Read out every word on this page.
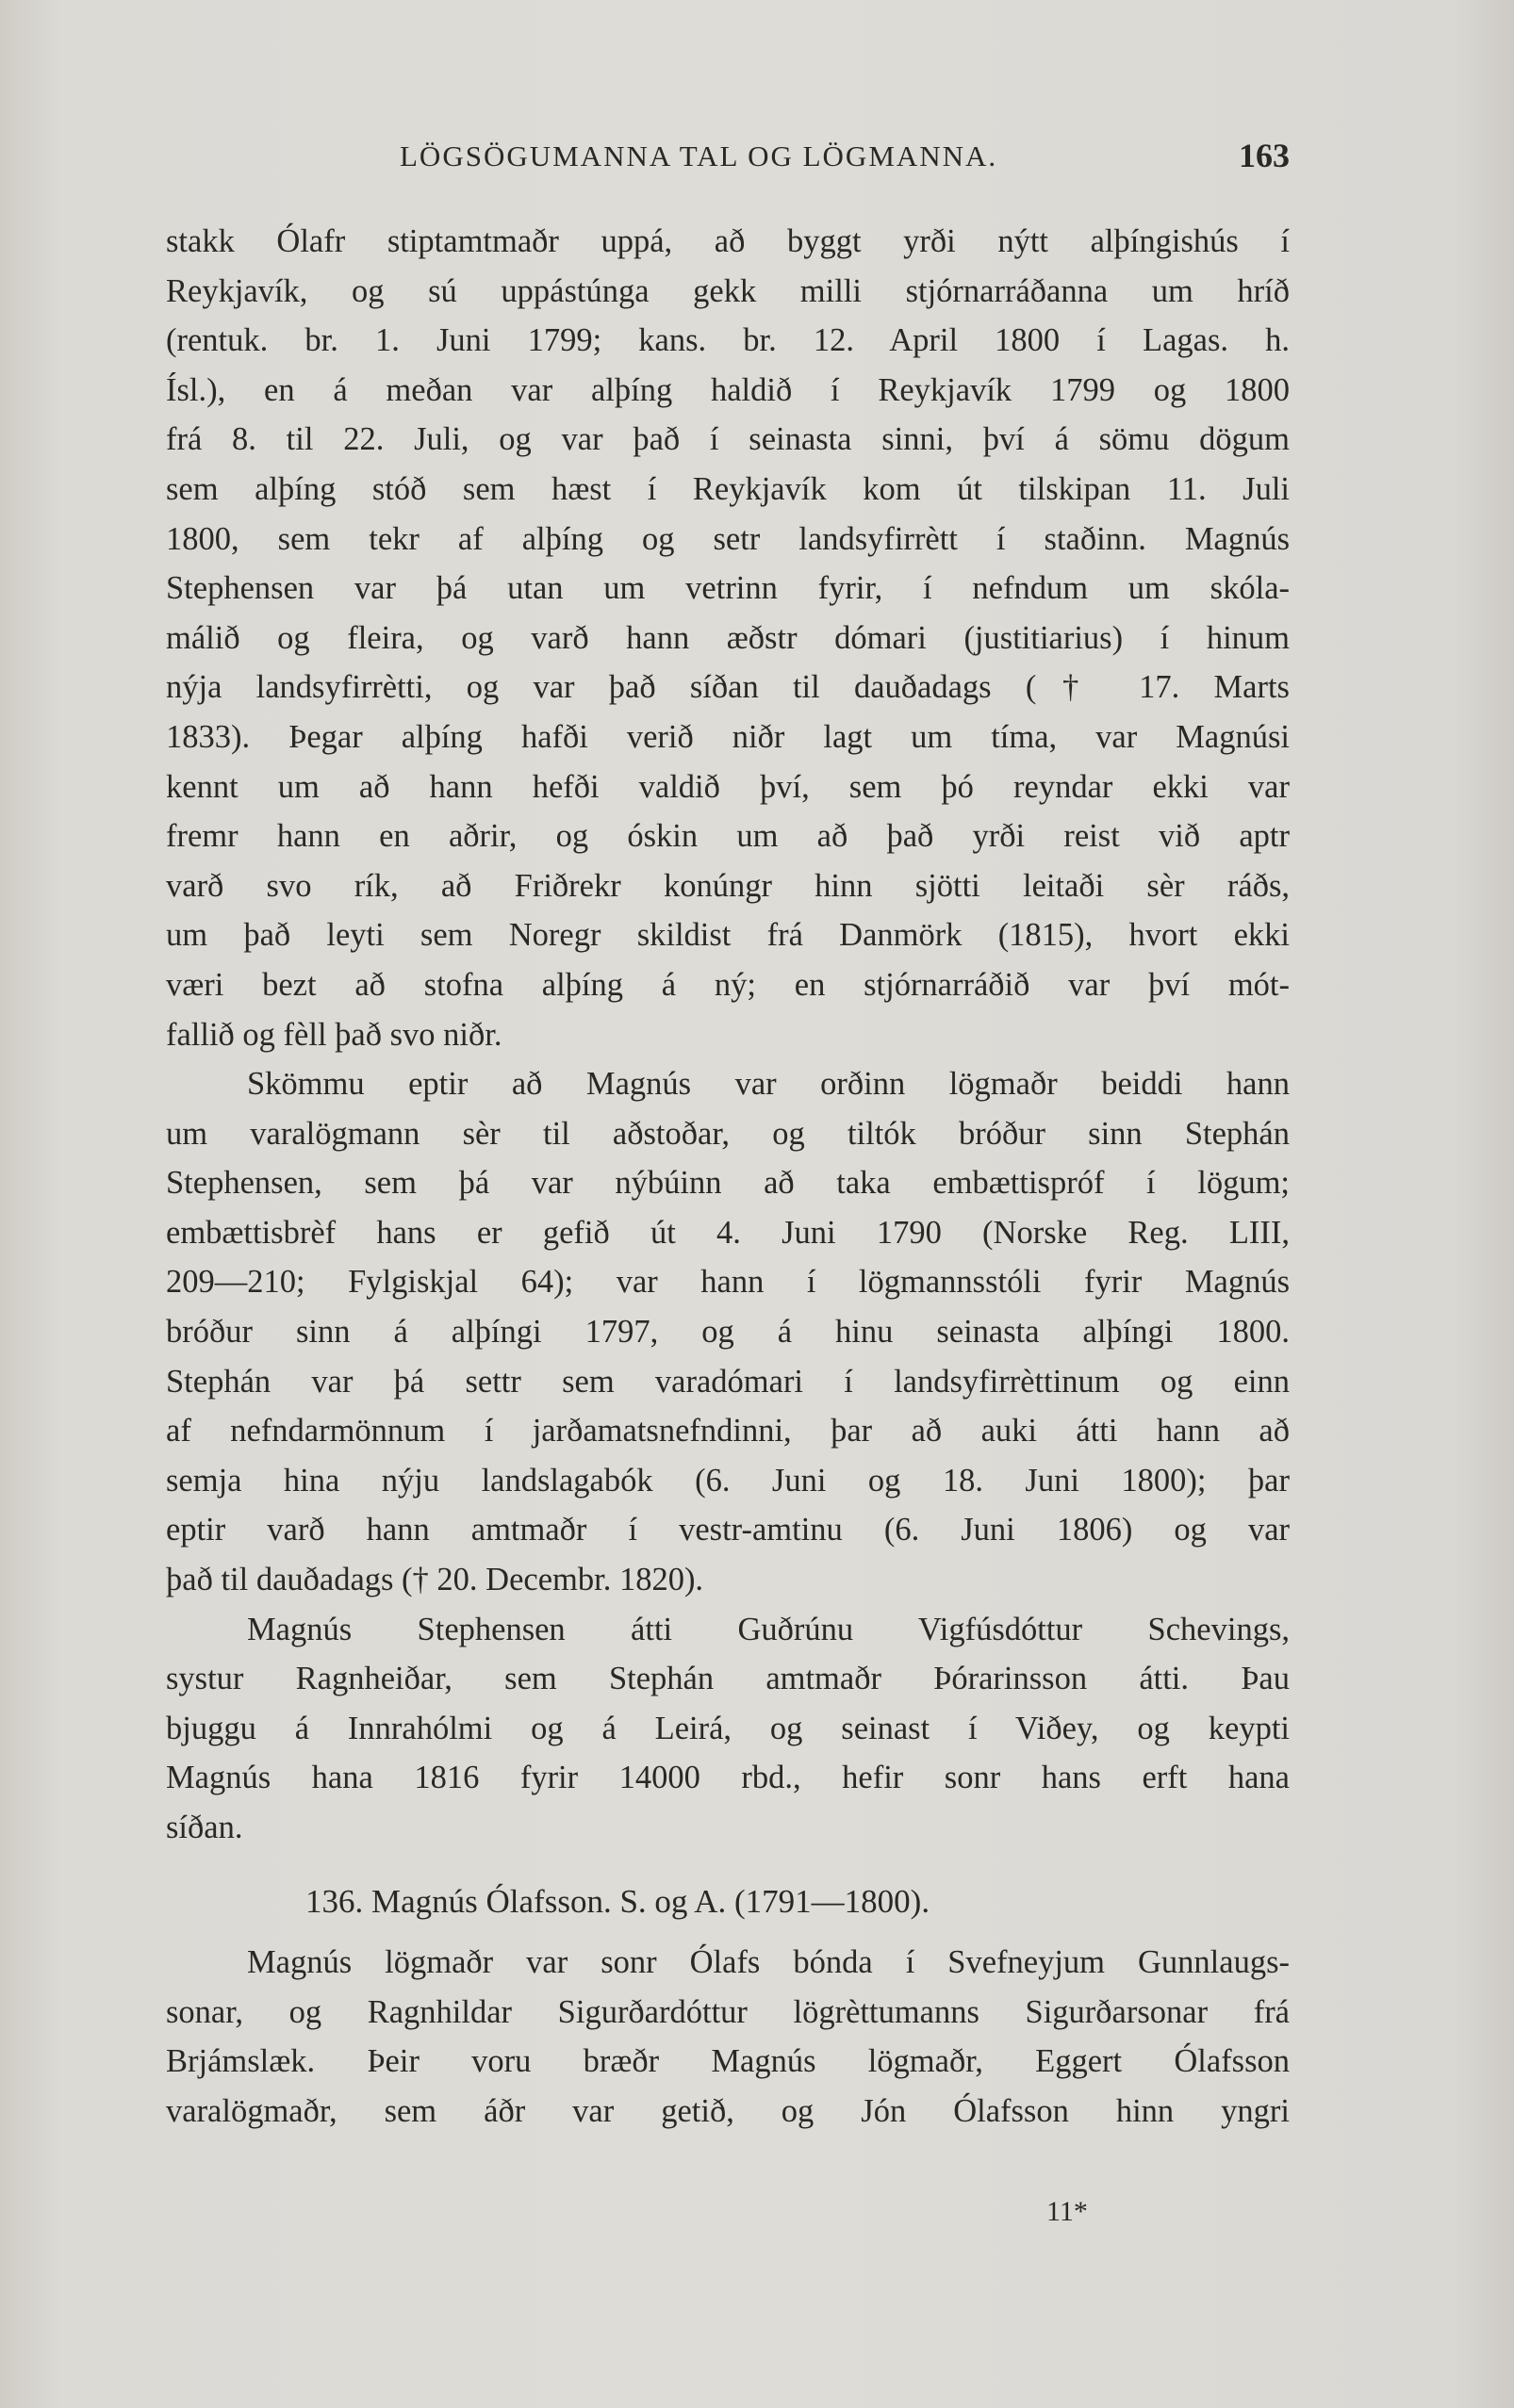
LÖGSÖGUMANNA TAL OG LÖGMANNA.	163
stakk Ólafr stiptamtmaðr uppá, að byggt yrði nýtt alþíngishús í
Reykjavík, og sú uppástúnga gekk milli stjórnarráðanna um hríð
(rentuk. br. 1. Juni 1799; kans. br. 12. April 1800 í Lagas. h.
Ísl.), en á meðan var alþíng haldið í Reykjavík 1799 og 1800
frá 8. til 22. Juli, og var það í seinasta sinni, því á sömu dögum
sem alþíng stóð sem hæst í Reykjavík kom út tilskipan 11. Juli
1800, sem tekr af alþíng og setr landsyfirrètt í staðinn. Magnús
Stephensen var þá utan um vetrinn fyrir, í nefndum um skóla-
málið og fleira, og varð hann æðstr dómari (justitiarius) í hinum
nýja landsyfirrètti, og var það síðan til dauðadags († 17. Marts
1833). Þegar alþíng hafði verið niðr lagt um tíma, var Magnúsi
kennt um að hann hefði valdið því, sem þó reyndar ekki var
fremr hann en aðrir, og óskin um að það yrði reist við aptr
varð svo rík, að Friðrekr konúngr hinn sjötti leitaði sèr ráðs,
um það leyti sem Noregr skildist frá Danmörk (1815), hvort ekki
væri bezt að stofna alþíng á ný; en stjórnarráðið var því mót-
fallið og fèll það svo niðr.
Skömmu eptir að Magnús var orðinn lögmaðr beiddi hann
um varalögmann sèr til aðstoðar, og tiltók bróður sinn Stephán
Stephensen, sem þá var nýbúinn að taka embættispróf í lögum;
embættisbrèf hans er gefið út 4. Juni 1790 (Norske Reg. LIII,
209—210; Fylgiskjal 64); var hann í lögmannsstóli fyrir Magnús
bróður sinn á alþíngi 1797, og á hinu seinasta alþíngi 1800.
Stephán var þá settr sem varadómari í landsyfirrèttinum og einn
af nefndarmönnum í jarðamatsnefndinni, þar að auki átti hann að
semja hina nýju landslagabók (6. Juni og 18. Juni 1800); þar
eptir varð hann amtmaðr í vestr-amtinu (6. Juni 1806) og var
það til dauðadags († 20. Decembr. 1820).
Magnús Stephensen átti Guðrúnu Vigfúsdóttur Schevings,
systur Ragnheiðar, sem Stephán amtmaðr Þórarinsson átti. Þau
bjuggu á Innrahólmi og á Leirá, og seinast í Viðey, og keypti
Magnús hana 1816 fyrir 14000 rbd., hefir sonr hans erft hana
síðan.
136. Magnús Ólafsson. S. og A. (1791—1800).
Magnús lögmaðr var sonr Ólafs bónda í Svefneyjum Gunnlaugs-
sonar, og Ragnhildar Sigurðardóttur lögrèttumanns Sigurðarsonar frá
Brjámslæk. Þeir voru bræðr Magnús lögmaðr, Eggert Ólafsson
varalögmaðr, sem áðr var getið, og Jón Ólafsson hinn yngri
11*
